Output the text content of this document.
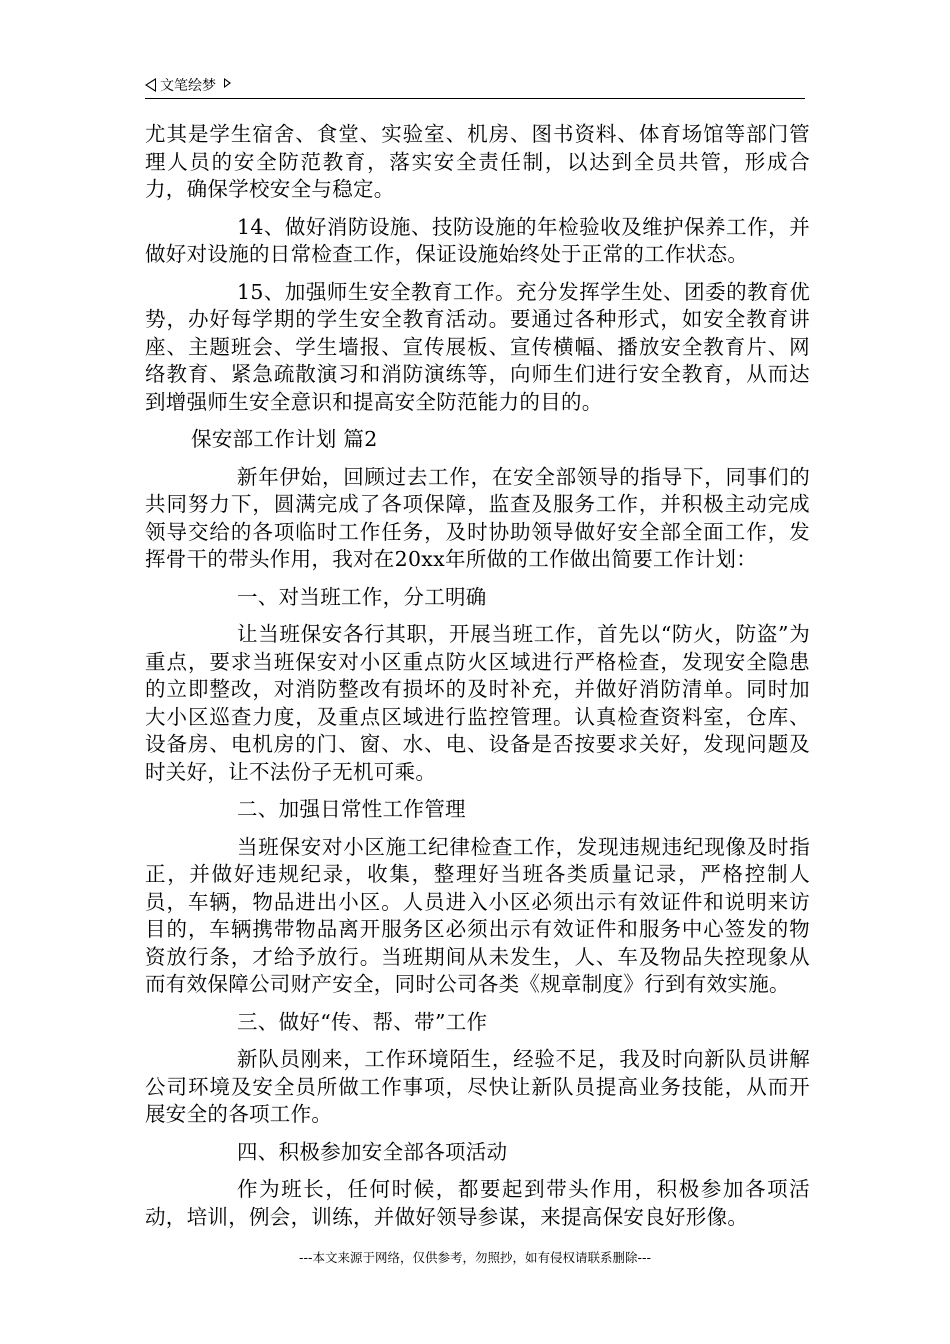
文笔绘梦

尤其是学生宿舍、食堂、实验室、机房、图书资料、体育场馆等部门管理人员的安全防范教育，落实安全责任制，以达到全员共管，形成合力，确保学校安全与稳定。

14、做好消防设施、技防设施的年检验收及维护保养工作，并做好对设施的日常检查工作，保证设施始终处于正常的工作状态。

15、加强师生安全教育工作。充分发挥学生处、团委的教育优势，办好每学期的学生安全教育活动。要通过各种形式，如安全教育讲座、主题班会、学生墙报、宣传展板、宣传横幅、播放安全教育片、网络教育、紧急疏散演习和消防演练等，向师生们进行安全教育，从而达到增强师生安全意识和提高安全防范能力的目的。

保安部工作计划 篇2

新年伊始，回顾过去工作，在安全部领导的指导下，同事们的共同努力下，圆满完成了各项保障，监查及服务工作，并积极主动完成领导交给的各项临时工作任务，及时协助领导做好安全部全面工作，发挥骨干的带头作用，我对在20xx年所做的工作做出简要工作计划：

一、对当班工作，分工明确

让当班保安各行其职，开展当班工作，首先以“防火，防盗”为重点，要求当班保安对小区重点防火区域进行严格检查，发现安全隐患的立即整改，对消防整改有损坏的及时补充，并做好消防清单。同时加大小区巡查力度，及重点区域进行监控管理。认真检查资料室，仓库、设备房、电机房的门、窗、水、电、设备是否按要求关好，发现问题及时关好，让不法份子无机可乘。

二、加强日常性工作管理

当班保安对小区施工纪律检查工作，发现违规违纪现像及时指正，并做好违规纪录，收集，整理好当班各类质量记录，严格控制人员，车辆，物品进出小区。人员进入小区必须出示有效证件和说明来访目的，车辆携带物品离开服务区必须出示有效证件和服务中心签发的物资放行条，才给予放行。当班期间从未发生，人、车及物品失控现象从而有效保障公司财产安全，同时公司各类《规章制度》行到有效实施。

三、做好“传、帮、带”工作

新队员刚来，工作环境陌生，经验不足，我及时向新队员讲解公司环境及安全员所做工作事项，尽快让新队员提高业务技能，从而开展安全的各项工作。

四、积极参加安全部各项活动

作为班长，任何时候，都要起到带头作用，积极参加各项活动，培训，例会，训练，并做好领导参谋，来提高保安良好形像。

---本文来源于网络，仅供参考，勿照抄，如有侵权请联系删除---
